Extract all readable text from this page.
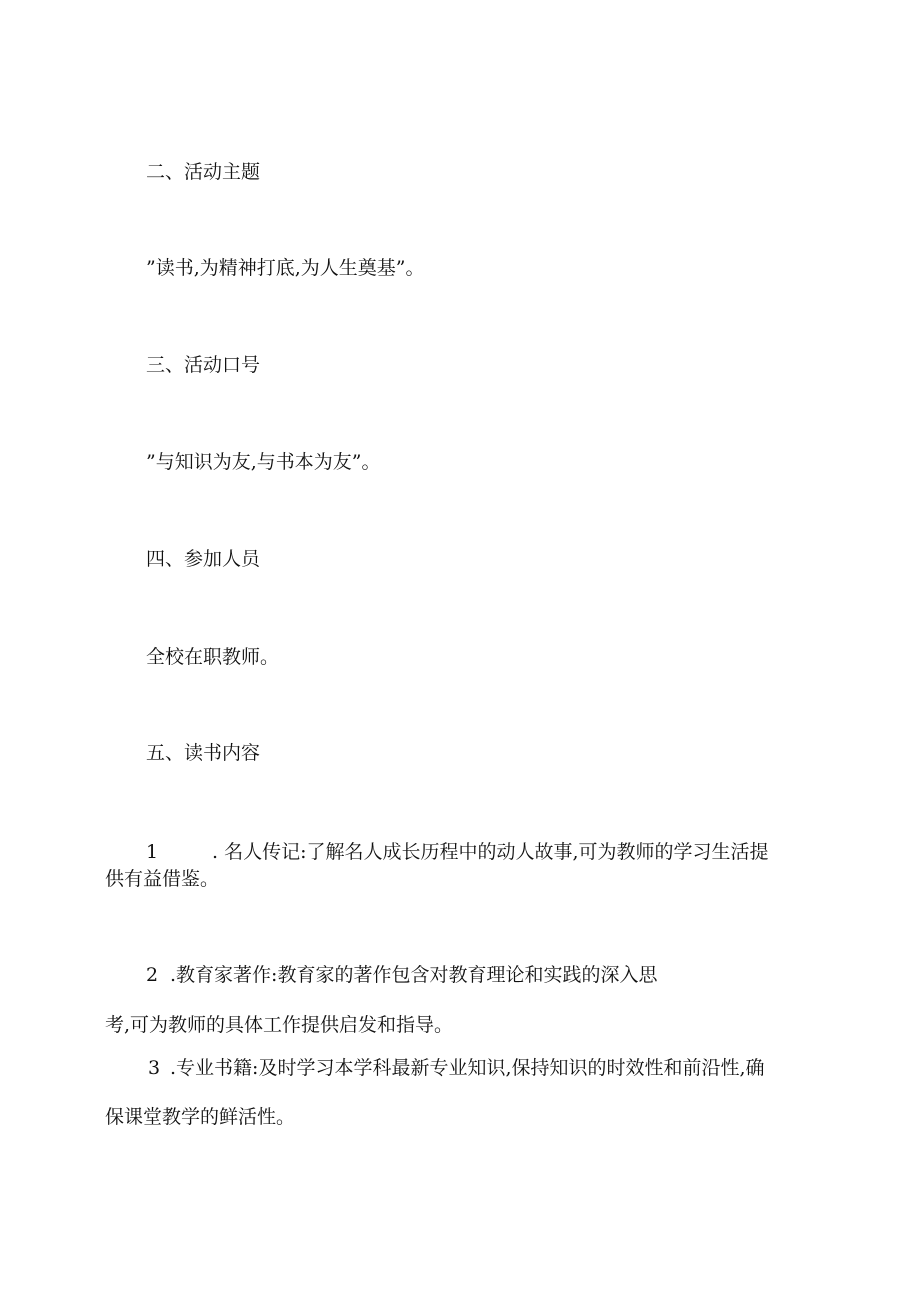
二、活动主题

”读书,为精神打底,为人生奠基”。

三、活动口号

”与知识为友,与书本为友”。

四、参加人员

全校在职教师。

五、读书内容

1	. 名人传记:了解名人成长历程中的动人故事,可为教师的学习生活提

供有益借鉴。

2 .教育家著作:教育家的著作包含对教育理论和实践的深入思

考,可为教师的具体工作提供启发和指导。

3 .专业书籍:及时学习本学科最新专业知识,保持知识的时效性和前沿性,确

保课堂教学的鲜活性。
